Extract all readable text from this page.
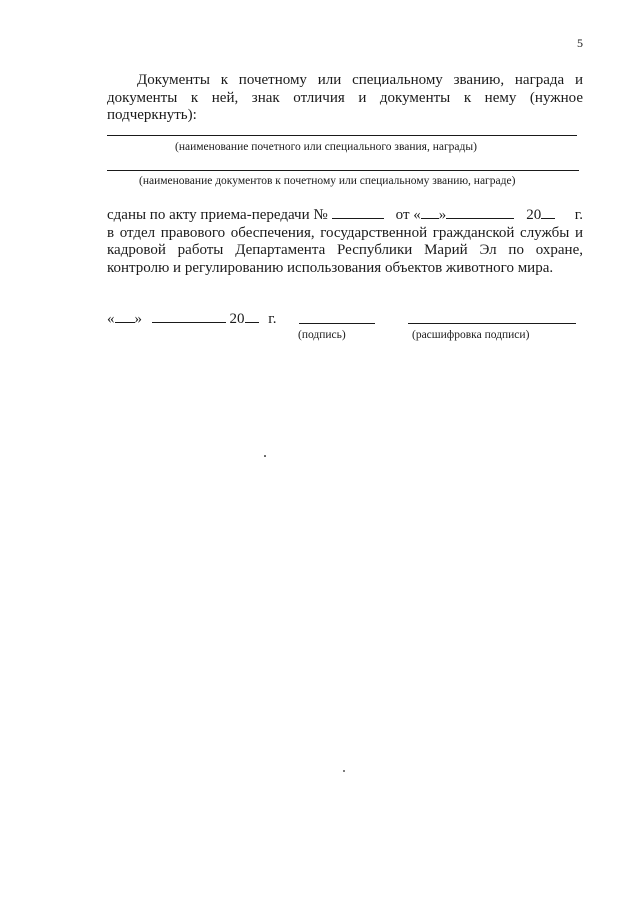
5
Документы к почетному или специальному званию, награда и документы к ней, знак отличия и документы к нему (нужное подчеркнуть):
(наименование почетного или специального звания, награды)
(наименование документов к почетному или специальному званию, награде)
сданы по акту приема-передачи №	от « »	20 г.
в отдел правового обеспечения, государственной гражданской службы и кадровой работы Департамента Республики Марий Эл по охране, контролю и регулированию использования объектов животного мира.
« »	20 г.
(подпись)	(расшифровка подписи)
